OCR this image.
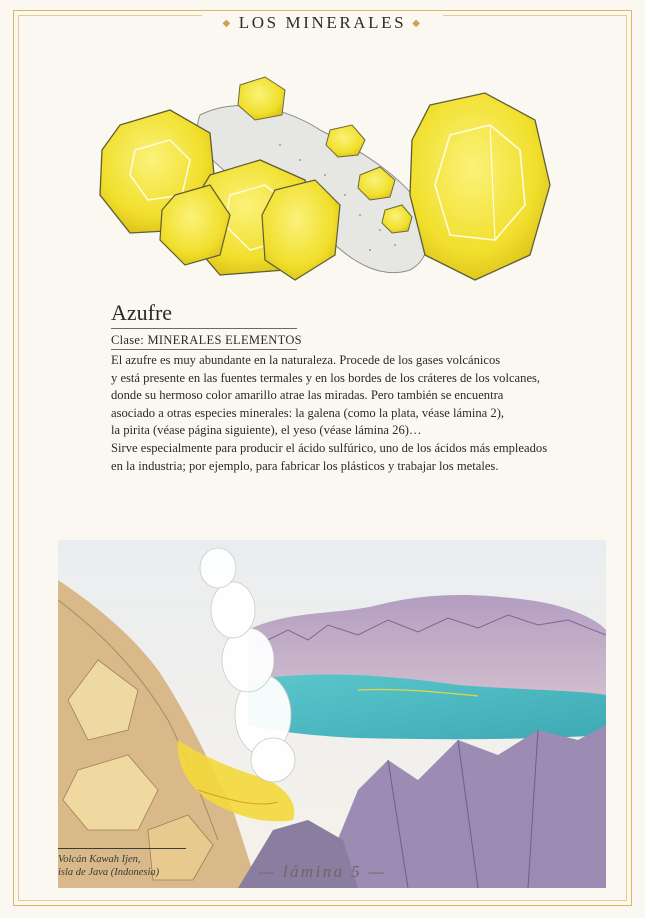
◆ LOS MINERALES ◆
Azufre
Clase: MINERALES ELEMENTOS
El azufre es muy abundante en la naturaleza. Procede de los gases volcánicos
y está presente en las fuentes termales y en los bordes de los cráteres de los volcanes,
donde su hermoso color amarillo atrae las miradas. Pero también se encuentra
asociado a otras especies minerales: la galena (como la plata, véase lámina 2),
la pirita (véase página siguiente), el yeso (véase lámina 26)…
Sirve especialmente para producir el ácido sulfúrico, uno de los ácidos más empleados
en la industria; por ejemplo, para fabricar los plásticos y trabajar los metales.
Volcán Kawah Ijen,
isla de Java (Indonesia)	— lámina 5 —
